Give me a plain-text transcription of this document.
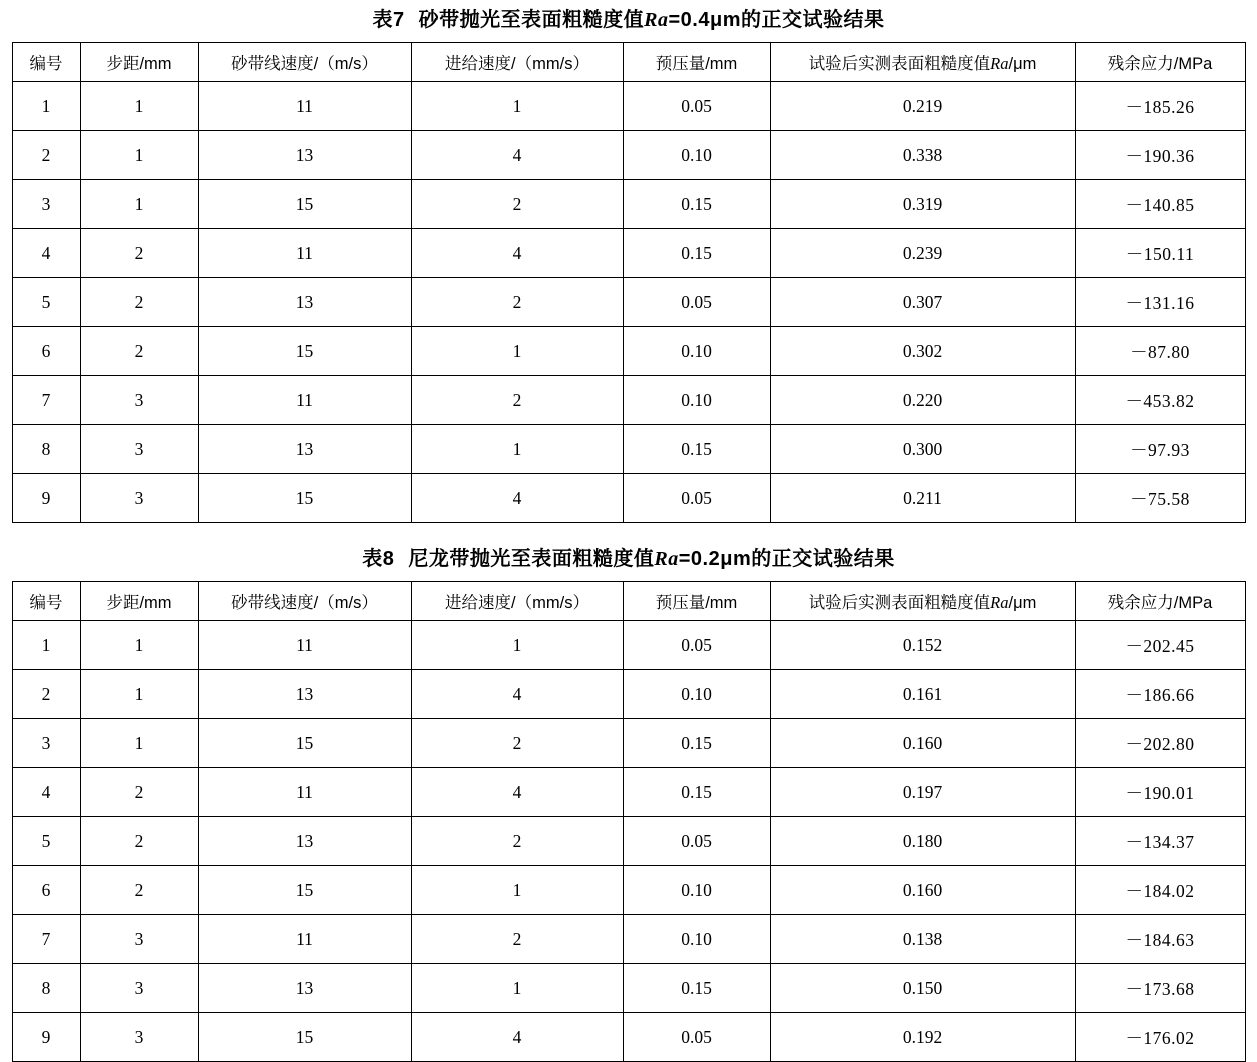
表7 砂带抛光至表面粗糙度值Ra=0.4μm的正交试验结果
编号	步距/mm	砂带线速度/（m/s）	进给速度/（mm/s）	预压量/mm	试验后实测表面粗糙度值Ra/μm	残余应力/MPa
1	1	11	1	0.05	0.219	－185.26
2	1	13	4	0.10	0.338	－190.36
3	1	15	2	0.15	0.319	－140.85
4	2	11	4	0.15	0.239	－150.11
5	2	13	2	0.05	0.307	－131.16
6	2	15	1	0.10	0.302	－87.80
7	3	11	2	0.10	0.220	－453.82
8	3	13	1	0.15	0.300	－97.93
9	3	15	4	0.05	0.211	－75.58
表8 尼龙带抛光至表面粗糙度值Ra=0.2μm的正交试验结果
编号	步距/mm	砂带线速度/（m/s）	进给速度/（mm/s）	预压量/mm	试验后实测表面粗糙度值Ra/μm	残余应力/MPa
1	1	11	1	0.05	0.152	－202.45
2	1	13	4	0.10	0.161	－186.66
3	1	15	2	0.15	0.160	－202.80
4	2	11	4	0.15	0.197	－190.01
5	2	13	2	0.05	0.180	－134.37
6	2	15	1	0.10	0.160	－184.02
7	3	11	2	0.10	0.138	－184.63
8	3	13	1	0.15	0.150	－173.68
9	3	15	4	0.05	0.192	－176.02
